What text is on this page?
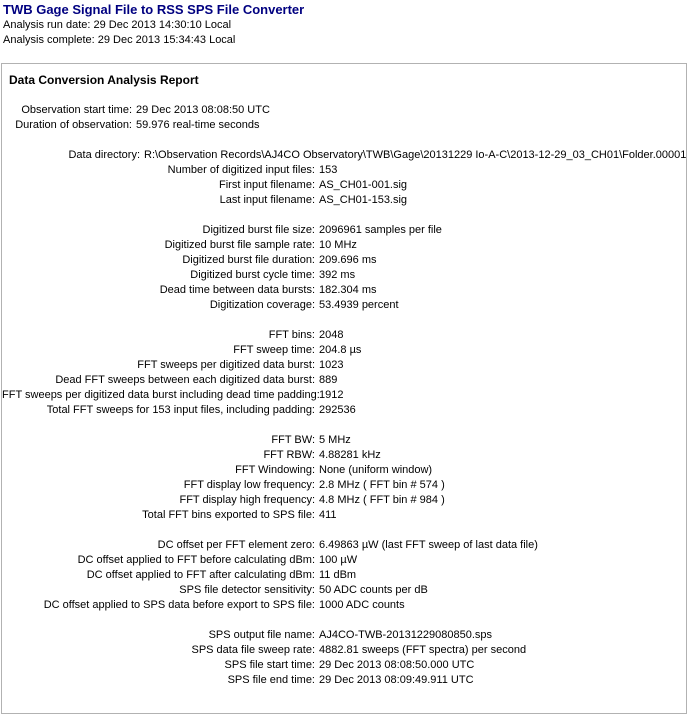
TWB Gage Signal File to RSS SPS File Converter
Analysis run date: 29 Dec 2013 14:30:10 Local
Analysis complete: 29 Dec 2013 15:34:43 Local
Data Conversion Analysis Report
Observation start time: 29 Dec 2013 08:08:50 UTC
Duration of observation: 59.976 real-time seconds
Data directory: R:\Observation Records\AJ4CO Observatory\TWB\Gage\20131229 Io-A-C\2013-12-29_03_CH01\Folder.00001
Number of digitized input files: 153
First input filename: AS_CH01-001.sig
Last input filename: AS_CH01-153.sig
Digitized burst file size: 2096961 samples per file
Digitized burst file sample rate: 10 MHz
Digitized burst file duration: 209.696 ms
Digitized burst cycle time: 392 ms
Dead time between data bursts: 182.304 ms
Digitization coverage: 53.4939 percent
FFT bins: 2048
FFT sweep time: 204.8 µs
FFT sweeps per digitized data burst: 1023
Dead FFT sweeps between each digitized data burst: 889
FFT sweeps per digitized data burst including dead time padding: 1912
Total FFT sweeps for 153 input files, including padding: 292536
FFT BW: 5 MHz
FFT RBW: 4.88281 kHz
FFT Windowing: None (uniform window)
FFT display low frequency: 2.8 MHz ( FFT bin # 574 )
FFT display high frequency: 4.8 MHz ( FFT bin # 984 )
Total FFT bins exported to SPS file: 411
DC offset per FFT element zero: 6.49863 µW (last FFT sweep of last data file)
DC offset applied to FFT before calculating dBm: 100 µW
DC offset applied to FFT after calculating dBm: 11 dBm
SPS file detector sensitivity: 50 ADC counts per dB
DC offset applied to SPS data before export to SPS file: 1000 ADC counts
SPS output file name: AJ4CO-TWB-20131229080850.sps
SPS data file sweep rate: 4882.81 sweeps (FFT spectra) per second
SPS file start time: 29 Dec 2013 08:08:50.000 UTC
SPS file end time: 29 Dec 2013 08:09:49.911 UTC
